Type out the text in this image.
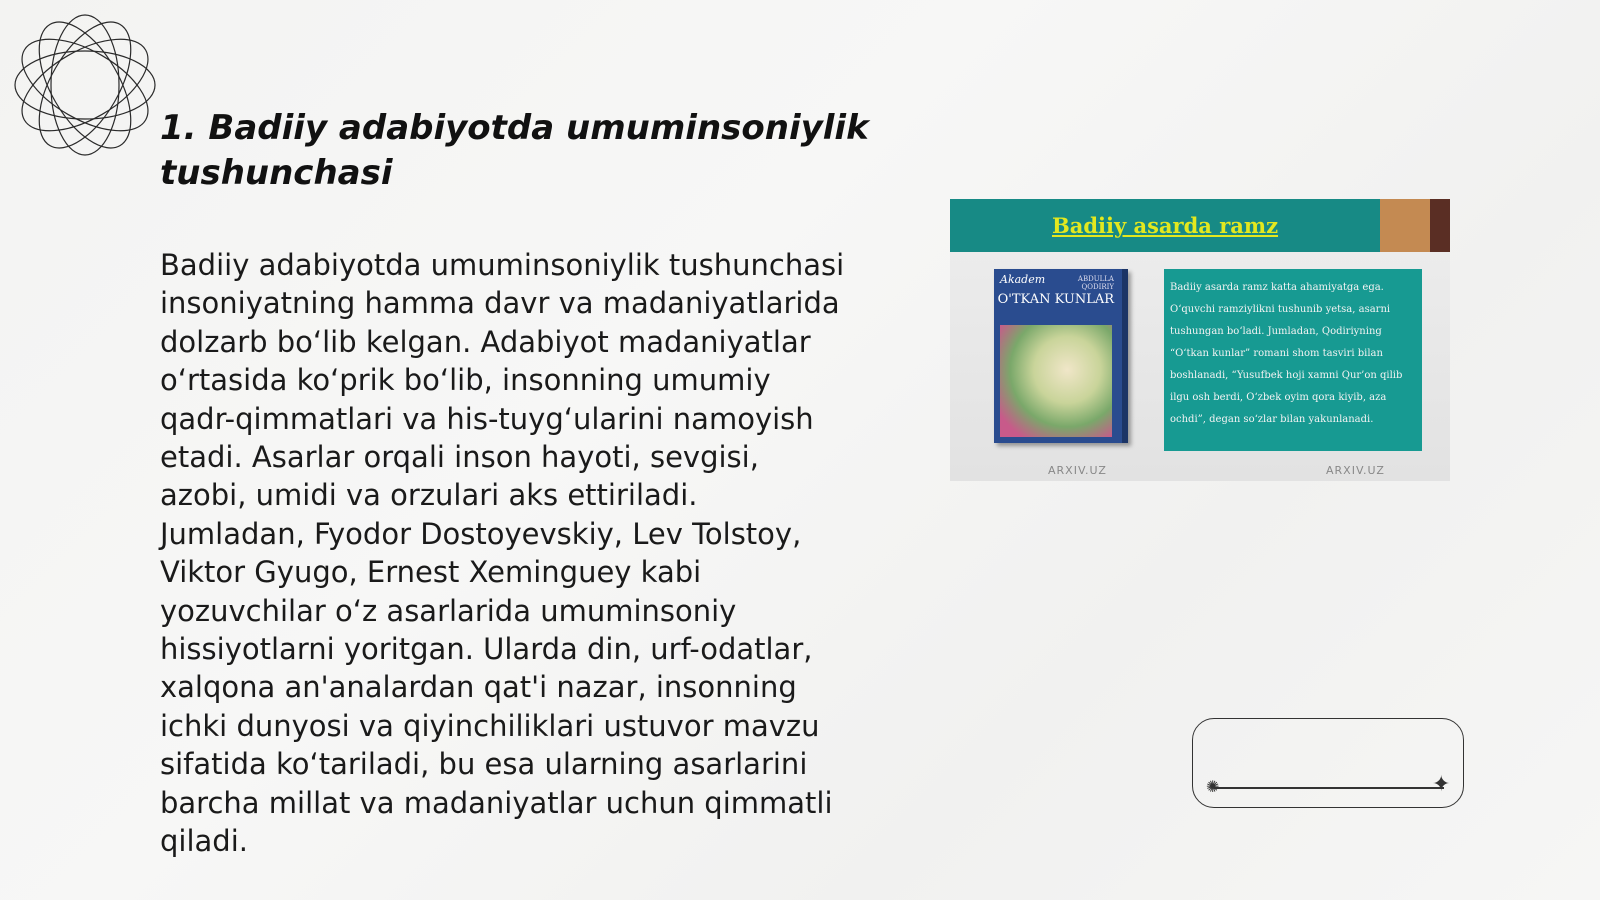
1. Badiiy adabiyotda umuminsoniylik tushunchasi

Badiiy adabiyotda umuminsoniylik tushunchasi insoniyatning hamma davr va madaniyatlarida dolzarb bo‘lib kelgan. Adabiyot madaniyatlar o‘rtasida ko‘prik bo‘lib, insonning umumiy qadr-qimmatlari va his-tuyg‘ularini namoyish etadi. Asarlar orqali inson hayoti, sevgisi, azobi, umidi va orzulari aks ettiriladi. Jumladan, Fyodor Dostoyevskiy, Lev Tolstoy, Viktor Gyugo, Ernest Xeminguey kabi yozuvchilar o‘z asarlarida umuminsoniy hissiyotlarni yoritgan. Ularda din, urf-odatlar, xalqona an'analardan qat'i nazar, insonning ichki dunyosi va qiyinchiliklari ustuvor mavzu sifatida ko‘tariladi, bu esa ularning asarlarini barcha millat va madaniyatlar uchun qimmatli qiladi.

Badiiy asarda ramz
Akadem	ABDULLA QODIRIY
O'TKAN KUNLAR
Badiiy asarda ramz katta ahamiyatga ega. O‘quvchi ramziylikni tushunib yetsa, asarni tushungan bo‘ladi. Jumladan, Qodiriyning “O‘tkan kunlar” romani shom tasviri bilan boshlanadi, “Yusufbek hoji xamni Qur’on qilib ilgu osh berdi, O‘zbek oyim qora kiyib, aza ochdi”, degan so‘zlar bilan yakunlanadi.
ARXIV.UZ	ARXIV.UZ
✺	✦
